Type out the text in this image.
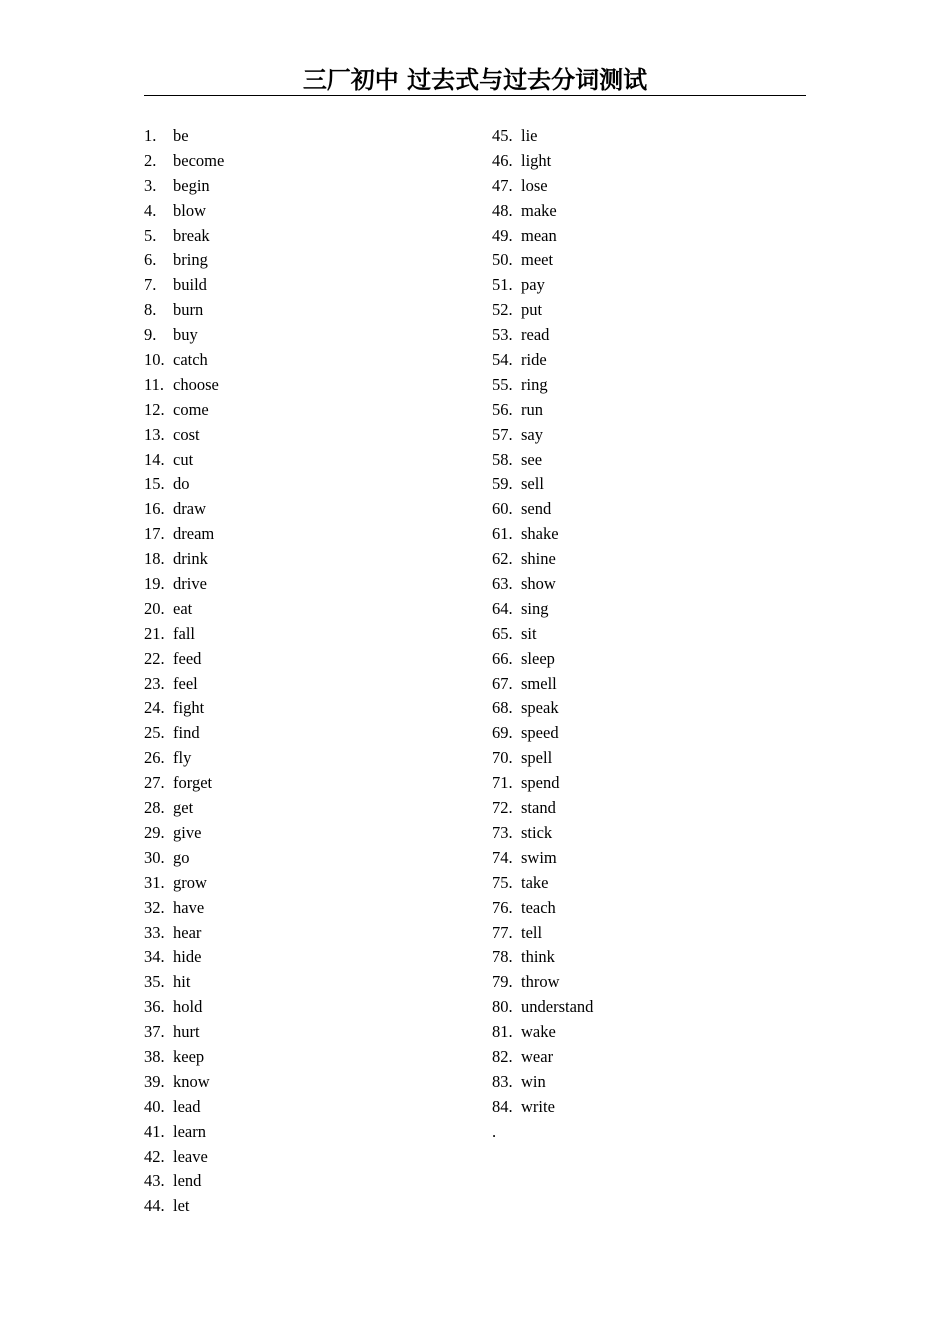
三厂初中 过去式与过去分词测试
1. be
2. become
3. begin
4. blow
5. break
6. bring
7. build
8. burn
9. buy
10. catch
11. choose
12. come
13. cost
14. cut
15. do
16. draw
17. dream
18. drink
19. drive
20. eat
21. fall
22. feed
23. feel
24. fight
25. find
26. fly
27. forget
28. get
29. give
30. go
31. grow
32. have
33. hear
34. hide
35. hit
36. hold
37. hurt
38. keep
39. know
40. lead
41. learn
42. leave
43. lend
44. let
45. lie
46. light
47. lose
48. make
49. mean
50. meet
51. pay
52. put
53. read
54. ride
55. ring
56. run
57. say
58. see
59. sell
60. send
61. shake
62. shine
63. show
64. sing
65. sit
66. sleep
67. smell
68. speak
69. speed
70. spell
71. spend
72. stand
73. stick
74. swim
75. take
76. teach
77. tell
78. think
79. throw
80. understand
81. wake
82. wear
83. win
84. write
.
